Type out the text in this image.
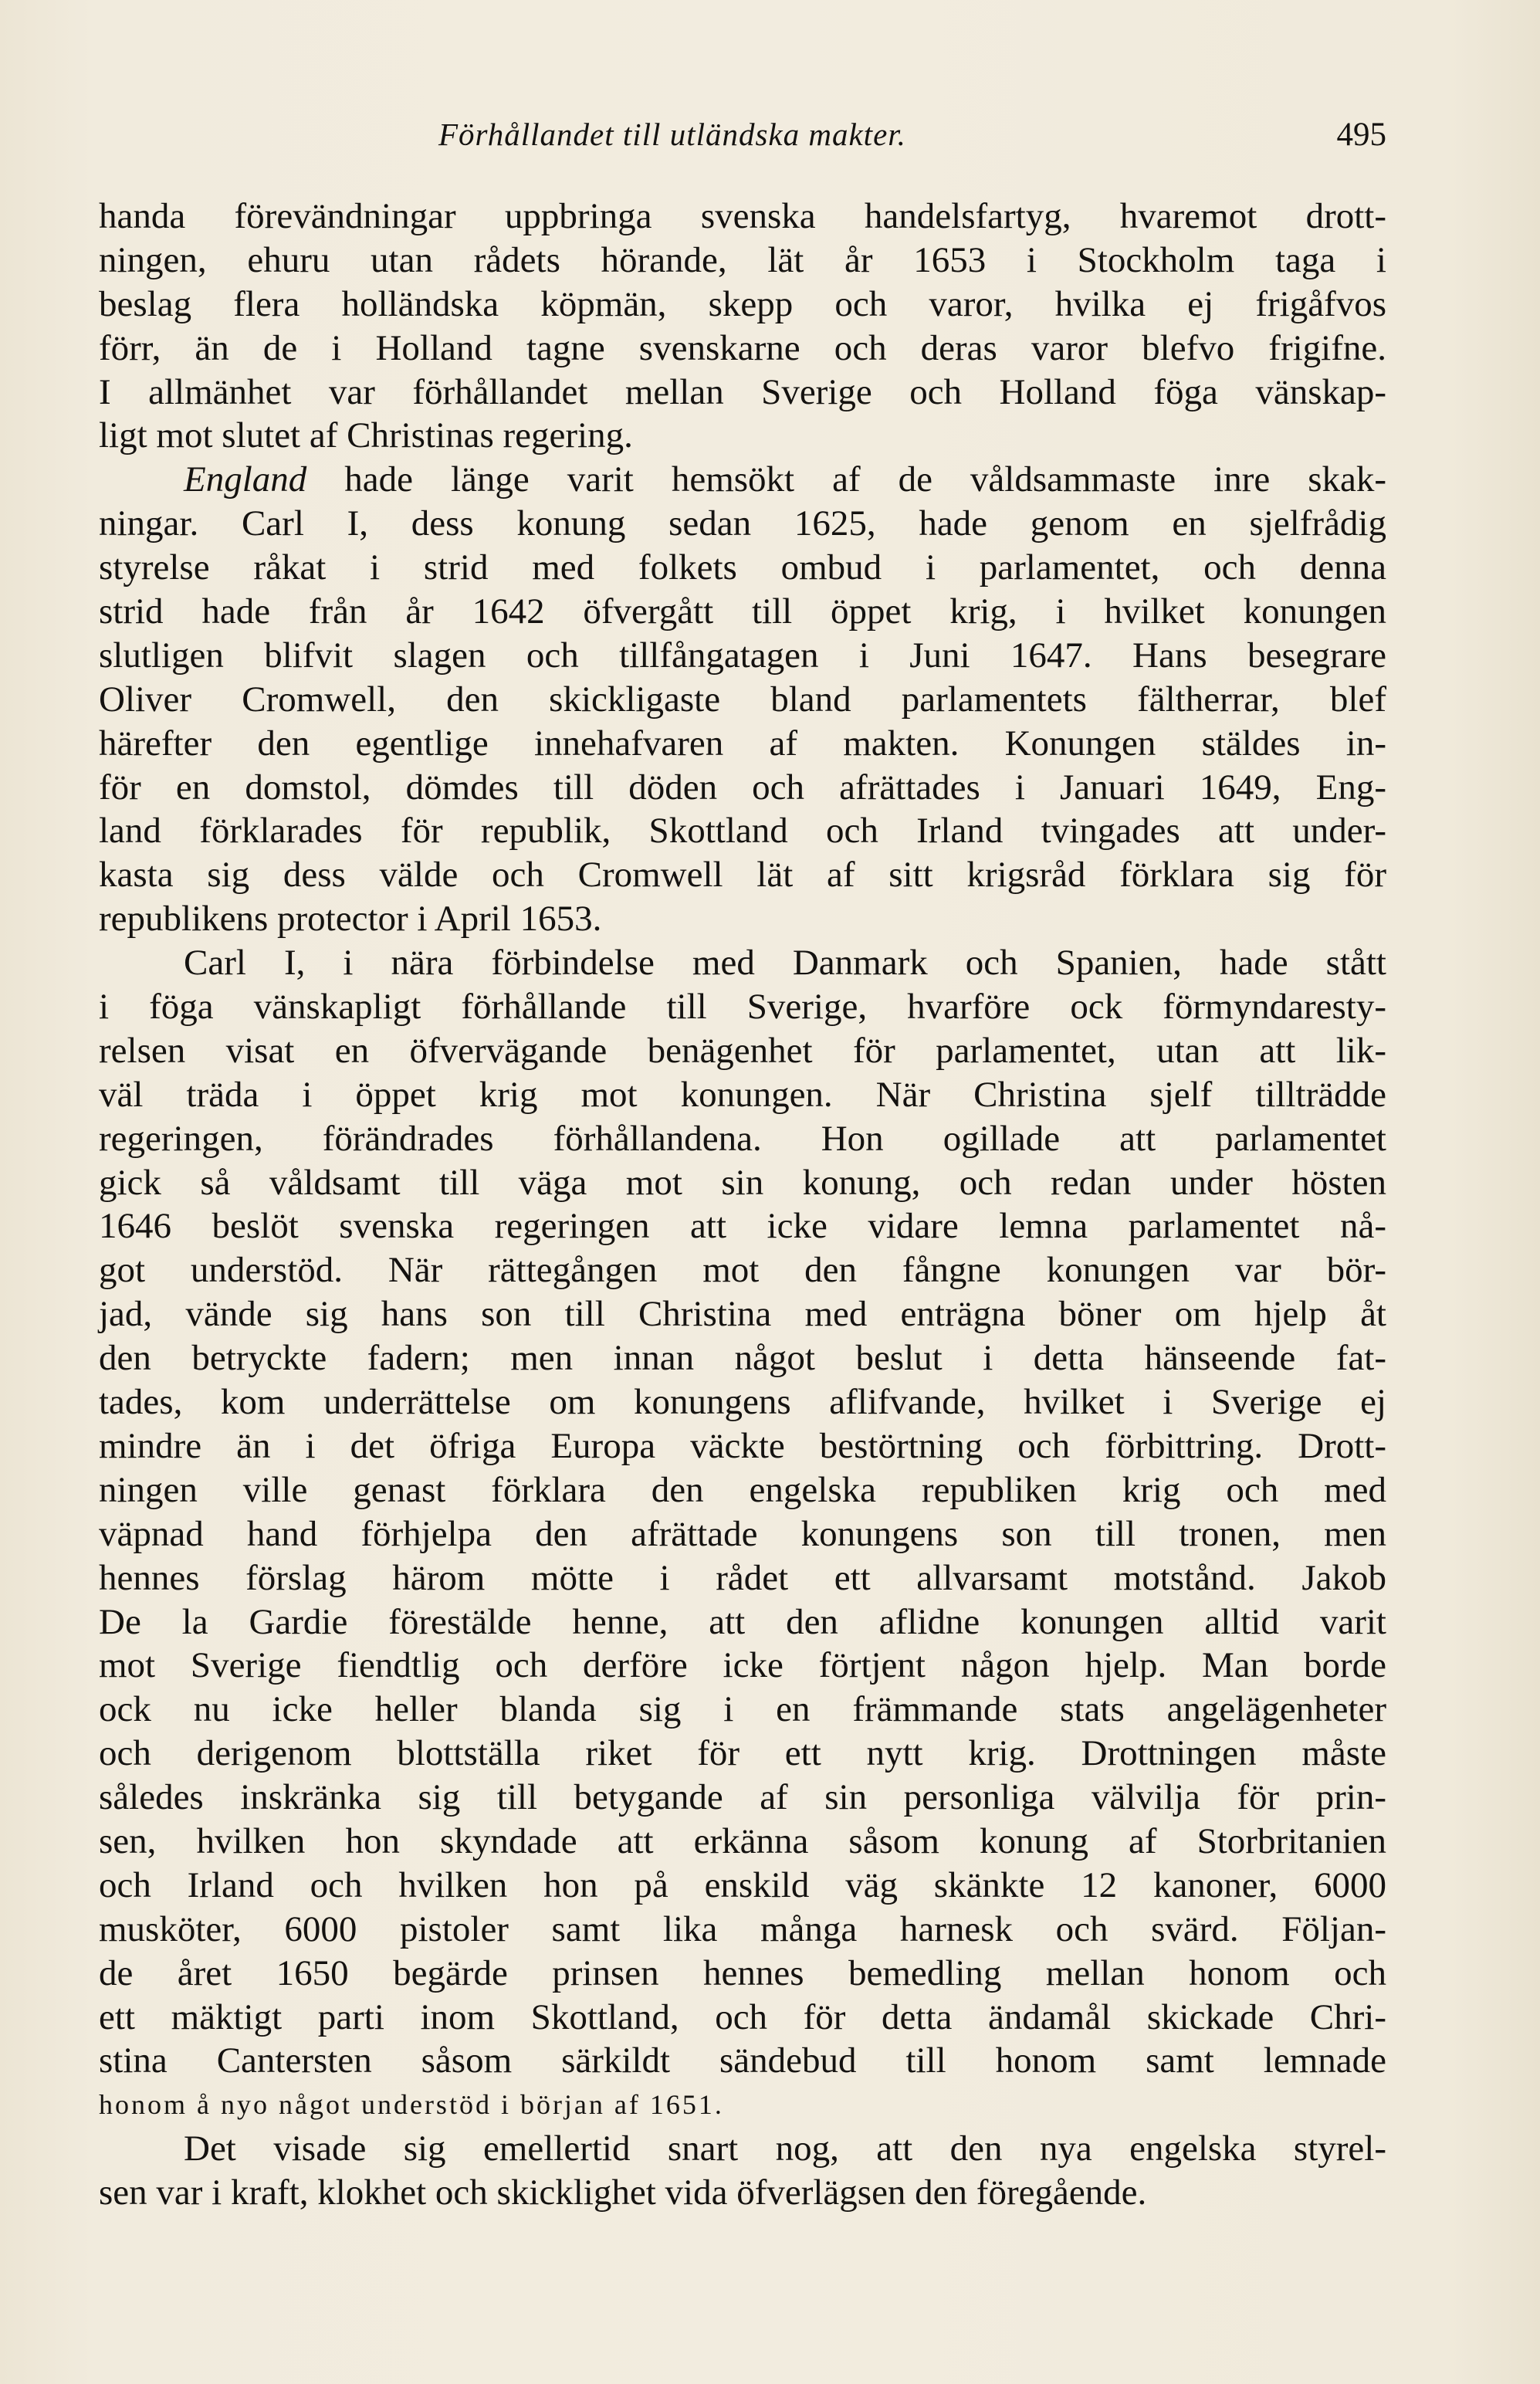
Förhållandet till utländska makter.	495
handa förevändningar uppbringa svenska handelsfartyg, hvaremot drott-
ningen, ehuru utan rådets hörande, lät år 1653 i Stockholm taga i
beslag flera holländska köpmän, skepp och varor, hvilka ej frigåfvos
förr, än de i Holland tagne svenskarne och deras varor blefvo frigifne.
I allmänhet var förhållandet mellan Sverige och Holland föga vänskap-
ligt mot slutet af Christinas regering.
England hade länge varit hemsökt af de våldsammaste inre skak-
ningar. Carl I, dess konung sedan 1625, hade genom en sjelfrådig
styrelse råkat i strid med folkets ombud i parlamentet, och denna
strid hade från år 1642 öfvergått till öppet krig, i hvilket konungen
slutligen blifvit slagen och tillfångatagen i Juni 1647. Hans besegrare
Oliver Cromwell, den skickligaste bland parlamentets fältherrar, blef
härefter den egentlige innehafvaren af makten. Konungen stäldes in-
för en domstol, dömdes till döden och afrättades i Januari 1649, Eng-
land förklarades för republik, Skottland och Irland tvingades att under-
kasta sig dess välde och Cromwell lät af sitt krigsråd förklara sig för
republikens protector i April 1653.
Carl I, i nära förbindelse med Danmark och Spanien, hade stått
i föga vänskapligt förhållande till Sverige, hvarföre ock förmyndaresty-
relsen visat en öfvervägande benägenhet för parlamentet, utan att lik-
väl träda i öppet krig mot konungen. När Christina sjelf tillträdde
regeringen, förändrades förhållandena. Hon ogillade att parlamentet
gick så våldsamt till väga mot sin konung, och redan under hösten
1646 beslöt svenska regeringen att icke vidare lemna parlamentet nå-
got understöd. När rättegången mot den fångne konungen var bör-
jad, vände sig hans son till Christina med enträgna böner om hjelp åt
den betryckte fadern; men innan något beslut i detta hänseende fat-
tades, kom underrättelse om konungens aflifvande, hvilket i Sverige ej
mindre än i det öfriga Europa väckte bestörtning och förbittring. Drott-
ningen ville genast förklara den engelska republiken krig och med
väpnad hand förhjelpa den afrättade konungens son till tronen, men
hennes förslag härom mötte i rådet ett allvarsamt motstånd. Jakob
De la Gardie förestälde henne, att den aflidne konungen alltid varit
mot Sverige fiendtlig och derföre icke förtjent någon hjelp. Man borde
ock nu icke heller blanda sig i en främmande stats angelägenheter
och derigenom blottställa riket för ett nytt krig. Drottningen måste
således inskränka sig till betygande af sin personliga välvilja för prin-
sen, hvilken hon skyndade att erkänna såsom konung af Storbritanien
och Irland och hvilken hon på enskild väg skänkte 12 kanoner, 6000
musköter, 6000 pistoler samt lika många harnesk och svärd. Följan-
de året 1650 begärde prinsen hennes bemedling mellan honom och
ett mäktigt parti inom Skottland, och för detta ändamål skickade Chri-
stina Cantersten såsom särkildt sändebud till honom samt lemnade
honom å nyo något understöd i början af 1651.
Det visade sig emellertid snart nog, att den nya engelska styrel-
sen var i kraft, klokhet och skicklighet vida öfverlägsen den föregående.
